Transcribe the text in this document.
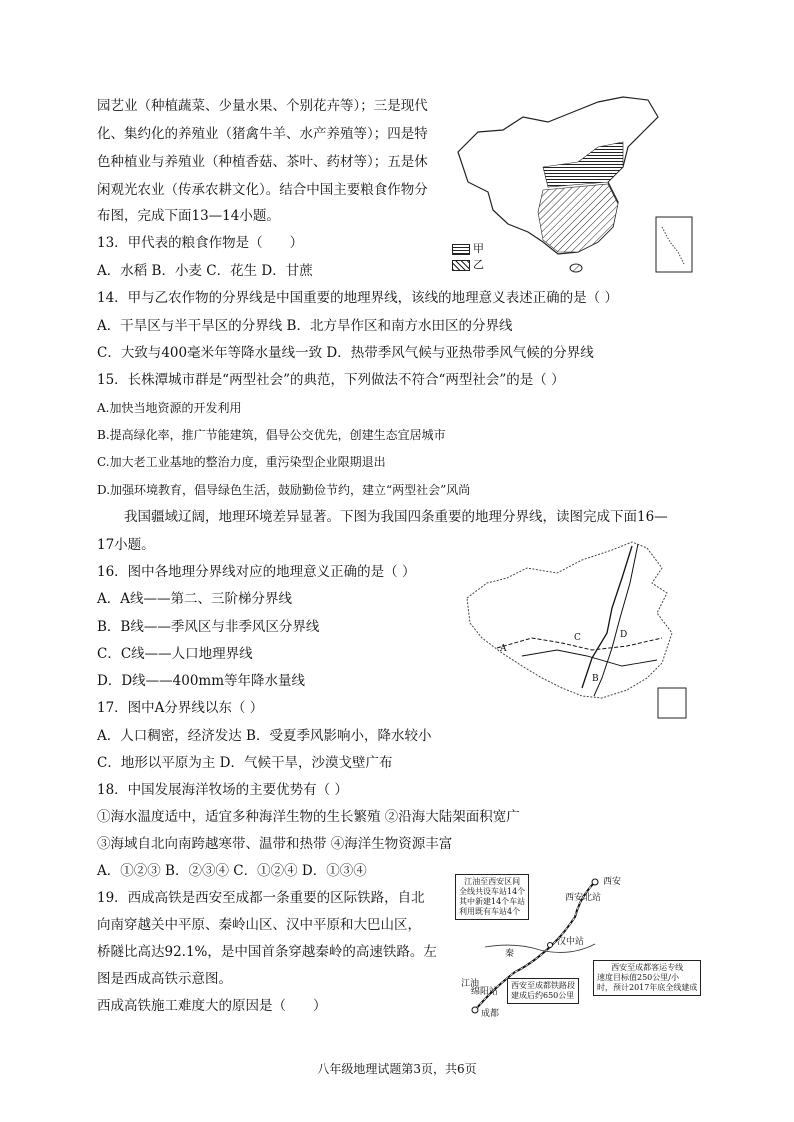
园艺业（种植蔬菜、少量水果、个别花卉等）；三是现代
化、集约化的养殖业（猪禽牛羊、水产养殖等）；四是特
色种植业与养殖业（种植香菇、茶叶、药材等）；五是休
闲观光农业（传承农耕文化）。结合中国主要粮食作物分
布图，完成下面13—14小题。
13．甲代表的粮食作物是（　　）
A．水稻 B．小麦 C．花生 D．甘蔗
14．甲与乙农作物的分界线是中国重要的地理界线，该线的地理意义表述正确的是（ ）
A．干旱区与半干旱区的分界线 B．北方旱作区和南方水田区的分界线
C．大致与400毫米年等降水量线一致 D．热带季风气候与亚热带季风气候的分界线
15．长株潭城市群是“两型社会”的典范，下列做法不符合“两型社会”的是（ ）
A.加快当地资源的开发利用
B.提高绿化率，推广节能建筑，倡导公交优先，创建生态宜居城市
C.加大老工业基地的整治力度，重污染型企业限期退出
D.加强环境教育，倡导绿色生活，鼓励勤俭节约，建立“两型社会”风尚
　　我国疆域辽阔，地理环境差异显著。下图为我国四条重要的地理分界线，读图完成下面16—
17小题。
16．图中各地理分界线对应的地理意义正确的是（ ）
A．A线——第二、三阶梯分界线
B．B线——季风区与非季风区分界线
C．C线——人口地理界线
D．D线——400mm等年降水量线
17．图中A分界线以东（ ）
A．人口稠密，经济发达 B．受夏季风影响小，降水较小
C．地形以平原为主 D．气候干旱，沙漠戈壁广布
18．中国发展海洋牧场的主要优势有（ ）
①海水温度适中，适宜多种海洋生物的生长繁殖 ②沿海大陆架面积宽广
③海域自北向南跨越寒带、温带和热带 ④海洋生物资源丰富
A．①②③ B．②③④ C．①②④ D．①③④
19．西成高铁是西安至成都一条重要的区际铁路，自北
向南穿越关中平原、秦岭山区、汉中平原和大巴山区，
桥隧比高达92.1%，是中国首条穿越秦岭的高速铁路。左
图是西成高铁示意图。
西成高铁施工难度大的原因是（　　）
甲
乙
A
B
C	D
江油至西安区间
全线共设车站14个
其中新建14个车站
利用既有车站4个
西安至成都客运专线
速度目标值250公里/小
时，预计2017年底全线建成
西安至成都铁路段
建成后约650公里
西安
西安北站
汉中站
秦
江油
绵阳站
成都
八年级地理试题第3页，共6页
